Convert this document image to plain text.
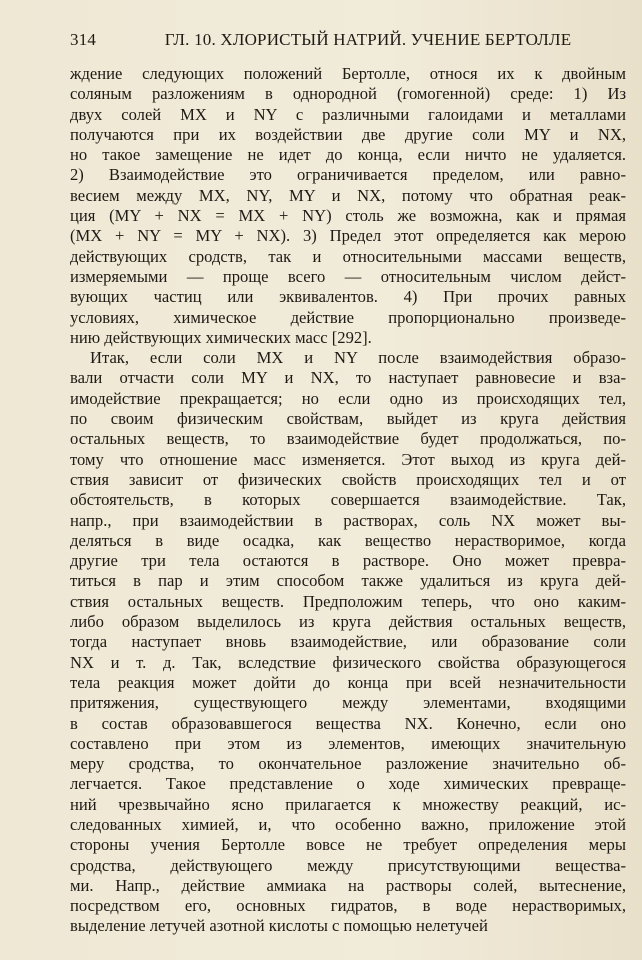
314	ГЛ. 10. ХЛОРИСТЫЙ НАТРИЙ. УЧЕНИЕ БЕРТОЛЛЕ
ждение следующих положений Бертолле, относя их к двойным
соляным разложениям в однородной (гомогенной) среде: 1) Из
двух солей MX и NY с различными галоидами и металлами
получаются при их воздействии две другие соли MY и NX,
но такое замещение не идет до конца, если ничто не удаляется.
2) Взаимодействие это ограничивается пределом, или равно-
весием между MX, NY, MY и NX, потому что обратная реак-
ция (MY + NX = MX + NY) столь же возможна, как и прямая
(MX + NY = MY + NX). 3) Предел этот определяется как мерою
действующих сродств, так и относительными массами веществ,
измеряемыми — проще всего — относительным числом дейст-
вующих частиц или эквивалентов. 4) При прочих равных
условиях, химическое действие пропорционально произведе-
нию действующих химических масс [292].
Итак, если соли MX и NY после взаимодействия образо-
вали отчасти соли MY и NX, то наступает равновесие и вза-
имодействие прекращается; но если одно из происходящих тел,
по своим физическим свойствам, выйдет из круга действия
остальных веществ, то взаимодействие будет продолжаться, по-
тому что отношение масс изменяется. Этот выход из круга дей-
ствия зависит от физических свойств происходящих тел и от
обстоятельств, в которых совершается взаимодействие. Так,
напр., при взаимодействии в растворах, соль NX может вы-
деляться в виде осадка, как вещество нерастворимое, когда
другие три тела остаются в растворе. Оно может превра-
титься в пар и этим способом также удалиться из круга дей-
ствия остальных веществ. Предположим теперь, что оно каким-
либо образом выделилось из круга действия остальных веществ,
тогда наступает вновь взаимодействие, или образование соли
NX и т. д. Так, вследствие физического свойства образующегося
тела реакция может дойти до конца при всей незначительности
притяжения, существующего между элементами, входящими
в состав образовавшегося вещества NX. Конечно, если оно
составлено при этом из элементов, имеющих значительную
меру сродства, то окончательное разложение значительно об-
легчается. Такое представление о ходе химических превраще-
ний чрезвычайно ясно прилагается к множеству реакций, ис-
следованных химией, и, что особенно важно, приложение этой
стороны учения Бертолле вовсе не требует определения меры
сродства, действующего между присутствующими вещества-
ми. Напр., действие аммиака на растворы солей, вытеснение,
посредством его, основных гидратов, в воде нерастворимых,
выделение летучей азотной кислоты с помощью нелетучей
